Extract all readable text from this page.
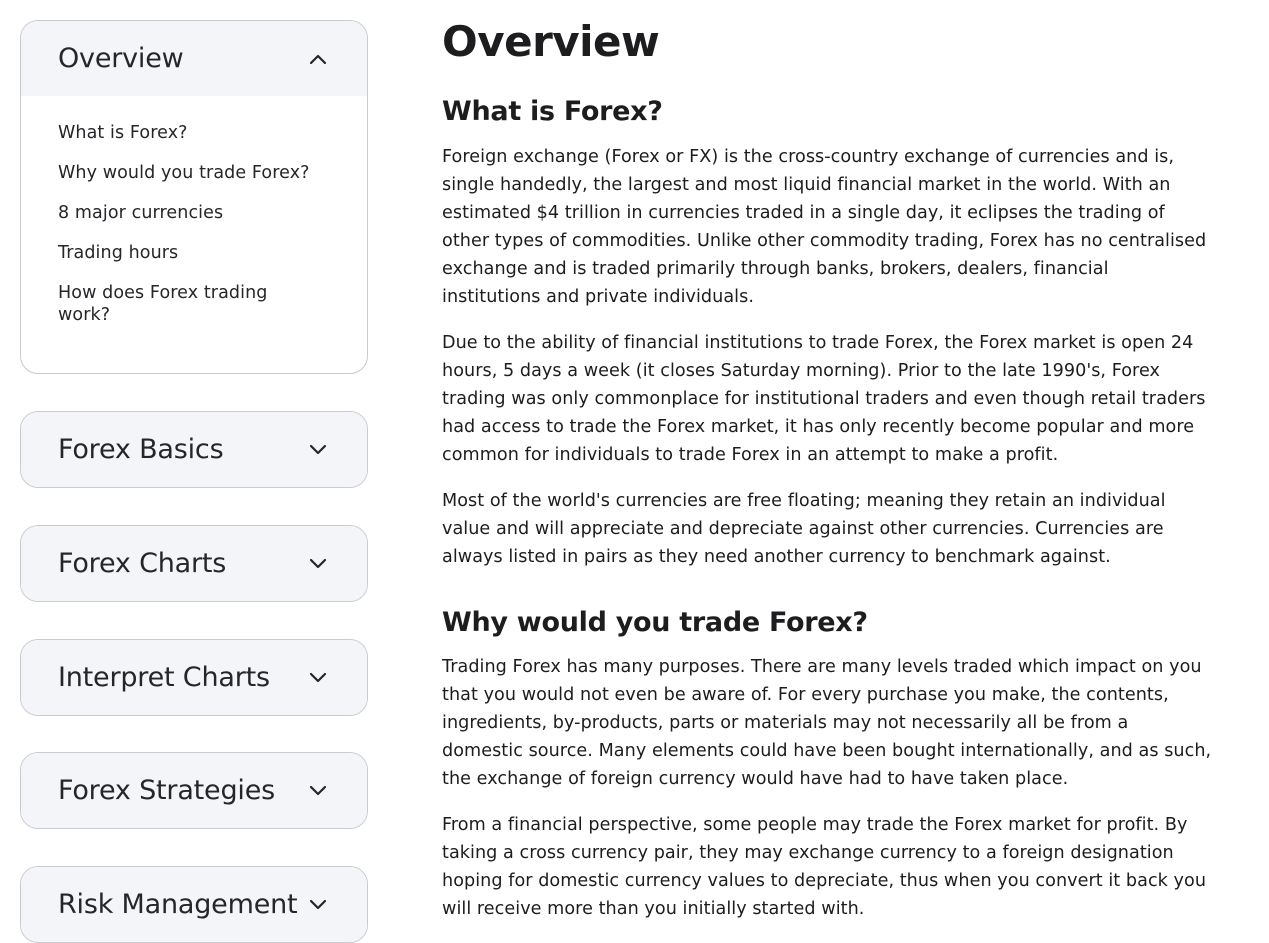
Overview
What is Forex?
Why would you trade Forex?
8 major currencies
Trading hours
How does Forex trading work?
Forex Basics
Forex Charts
Interpret Charts
Forex Strategies
Risk Management
Overview
What is Forex?

Foreign exchange (Forex or FX) is the cross-country exchange of currencies and is, single handedly, the largest and most liquid financial market in the world. With an estimated $4 trillion in currencies traded in a single day, it eclipses the trading of other types of commodities. Unlike other commodity trading, Forex has no centralised exchange and is traded primarily through banks, brokers, dealers, financial institutions and private individuals.

Due to the ability of financial institutions to trade Forex, the Forex market is open 24 hours, 5 days a week (it closes Saturday morning). Prior to the late 1990's, Forex trading was only commonplace for institutional traders and even though retail traders had access to trade the Forex market, it has only recently become popular and more common for individuals to trade Forex in an attempt to make a profit.

Most of the world's currencies are free floating; meaning they retain an individual value and will appreciate and depreciate against other currencies. Currencies are always listed in pairs as they need another currency to benchmark against.

Why would you trade Forex?

Trading Forex has many purposes. There are many levels traded which impact on you that you would not even be aware of. For every purchase you make, the contents, ingredients, by-products, parts or materials may not necessarily all be from a domestic source. Many elements could have been bought internationally, and as such, the exchange of foreign currency would have had to have taken place.

From a financial perspective, some people may trade the Forex market for profit. By taking a cross currency pair, they may exchange currency to a foreign designation hoping for domestic currency values to depreciate, thus when you convert it back you will receive more than you initially started with.
